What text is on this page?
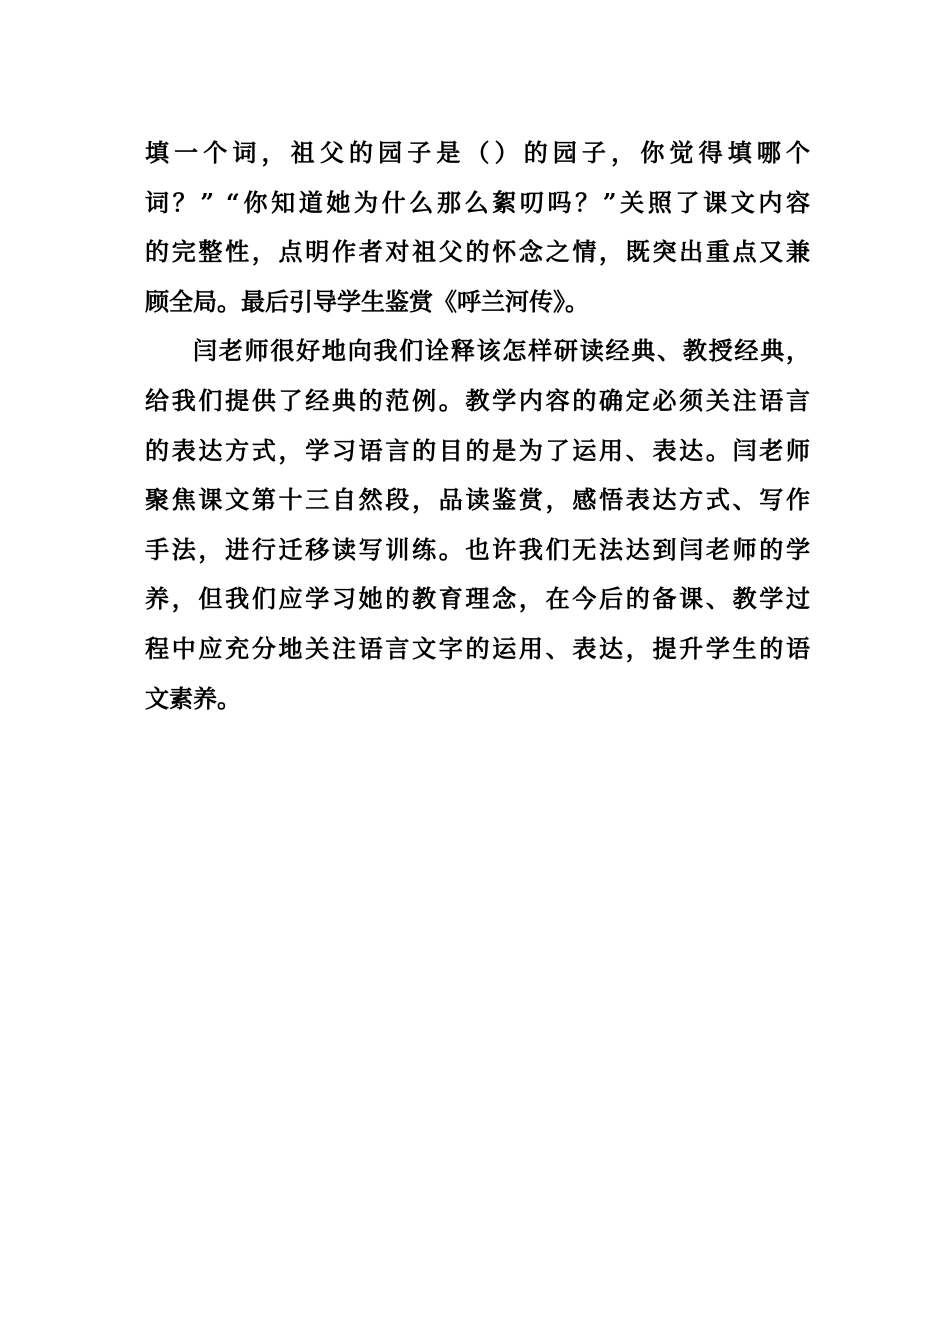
填一个词，祖父的园子是（）的园子，你觉得填哪个
词？” “你知道她为什么那么絮叨吗？”关照了课文内容
的完整性，点明作者对祖父的怀念之情，既突出重点又兼
顾全局。最后引导学生鉴赏《呼兰河传》。
闫老师很好地向我们诠释该怎样研读经典、教授经典，
给我们提供了经典的范例。教学内容的确定必须关注语言
的表达方式，学习语言的目的是为了运用、表达。闫老师
聚焦课文第十三自然段，品读鉴赏，感悟表达方式、写作
手法，进行迁移读写训练。也许我们无法达到闫老师的学
养，但我们应学习她的教育理念，在今后的备课、教学过
程中应充分地关注语言文字的运用、表达，提升学生的语
文素养。
